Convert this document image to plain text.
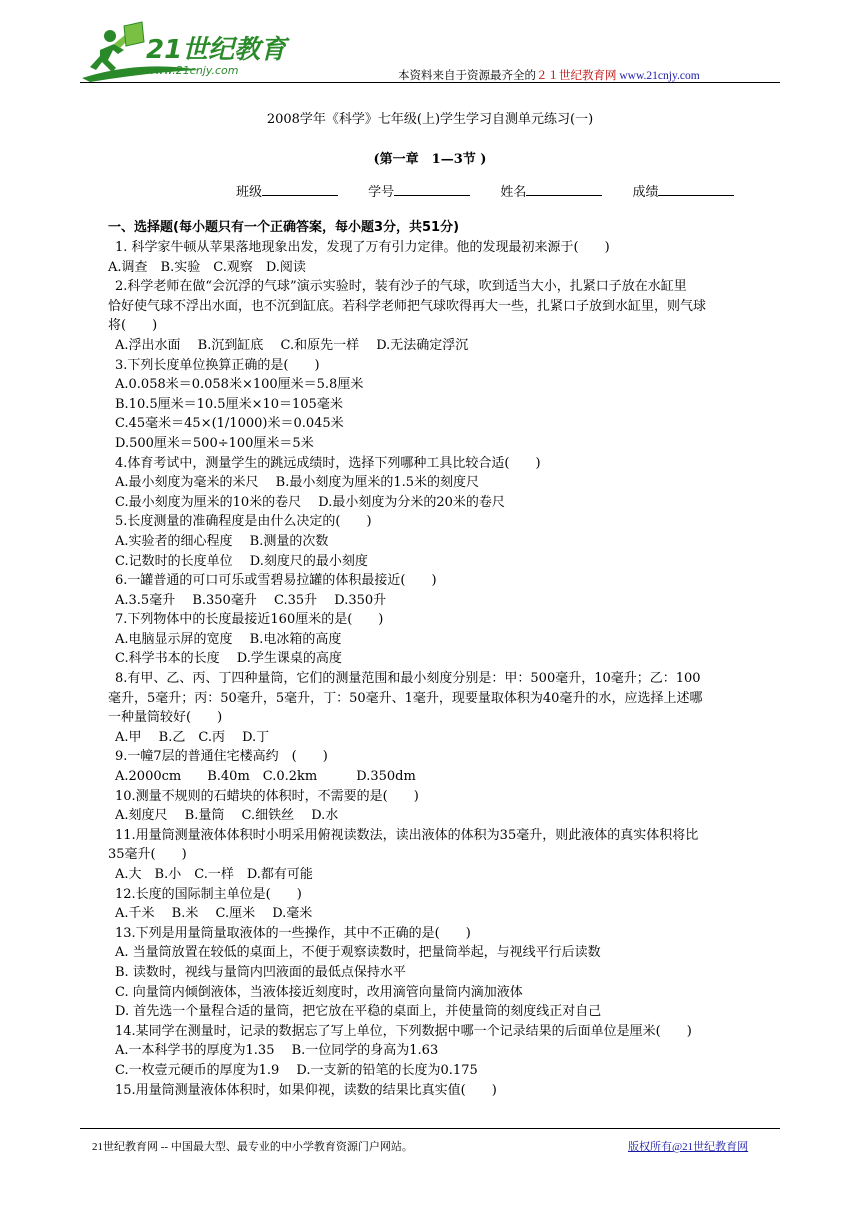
21世纪教育
www.21cnjy.com	本资料来自于资源最齐全的２１世纪教育网 www.21cnjy.com
2008学年《科学》七年级(上)学生学习自测单元练习(一)
(第一章　1—3节 )
班级	学号	姓名	成绩
一、选择题(每小题只有一个正确答案，每小题3分，共51分)
1. 科学家牛顿从苹果落地现象出发，发现了万有引力定律。他的发现最初来源于(　　)
A.调查　B.实验　C.观察　D.阅读
2.科学老师在做“会沉浮的气球”演示实验时，装有沙子的气球，吹到适当大小，扎紧口子放在水缸里
恰好使气球不浮出水面，也不沉到缸底。若科学老师把气球吹得再大一些，扎紧口子放到水缸里，则气球
将(　　)
A.浮出水面　 B.沉到缸底　 C.和原先一样　 D.无法确定浮沉
3.下列长度单位换算正确的是(　　)
A.0.058米＝0.058米×100厘米＝5.8厘米
B.10.5厘米＝10.5厘米×10＝105毫米
C.45毫米＝45×(1/1000)米＝0.045米
D.500厘米＝500÷100厘米＝5米
4.体育考试中，测量学生的跳远成绩时，选择下列哪种工具比较合适(　　)
A.最小刻度为毫米的米尺　 B.最小刻度为厘米的1.5米的刻度尺
C.最小刻度为厘米的10米的卷尺　 D.最小刻度为分米的20米的卷尺
5.长度测量的准确程度是由什么决定的(　　)
A.实验者的细心程度　 B.测量的次数
C.记数时的长度单位　 D.刻度尺的最小刻度
6.一罐普通的可口可乐或雪碧易拉罐的体积最接近(　　)
A.3.5毫升　 B.350毫升　 C.35升　 D.350升
7.下列物体中的长度最接近160厘米的是(　　)
A.电脑显示屏的宽度　 B.电冰箱的高度
C.科学书本的长度　 D.学生课桌的高度
8.有甲、乙、丙、丁四种量筒，它们的测量范围和最小刻度分别是：甲：500毫升，10毫升；乙：100
毫升，5毫升；丙：50毫升，5毫升，丁：50毫升、1毫升，现要量取体积为40毫升的水，应选择上述哪
一种量筒较好(　　)
A.甲　 B.乙　C.丙　 D.丁
9.一幢7层的普通住宅楼高约　(　　)
A.2000cm　　B.40m　C.0.2km　　　D.350dm
10.测量不规则的石蜡块的体积时，不需要的是(　　)
A.刻度尺　 B.量筒　 C.细铁丝　 D.水
11.用量筒测量液体体积时小明采用俯视读数法，读出液体的体积为35毫升，则此液体的真实体积将比
35毫升(　　)
A.大　B.小　C.一样　D.都有可能
12.长度的国际制主单位是(　　)
A.千米　 B.米　 C.厘米　 D.毫米
13.下列是用量筒量取液体的一些操作，其中不正确的是(　　)
A. 当量筒放置在较低的桌面上，不便于观察读数时，把量筒举起，与视线平行后读数
B. 读数时，视线与量筒内凹液面的最低点保持水平
C. 向量筒内倾倒液体，当液体接近刻度时，改用滴管向量筒内滴加液体
D. 首先选一个量程合适的量筒，把它放在平稳的桌面上，并使量筒的刻度线正对自己
14.某同学在测量时，记录的数据忘了写上单位，下列数据中哪一个记录结果的后面单位是厘米(　　)
A.一本科学书的厚度为1.35　 B.一位同学的身高为1.63
C.一枚壹元硬币的厚度为1.9　 D.一支新的铅笔的长度为0.175
15.用量筒测量液体体积时，如果仰视，读数的结果比真实值(　　)
21世纪教育网 -- 中国最大型、最专业的中小学教育资源门户网站。	版权所有@21世纪教育网
